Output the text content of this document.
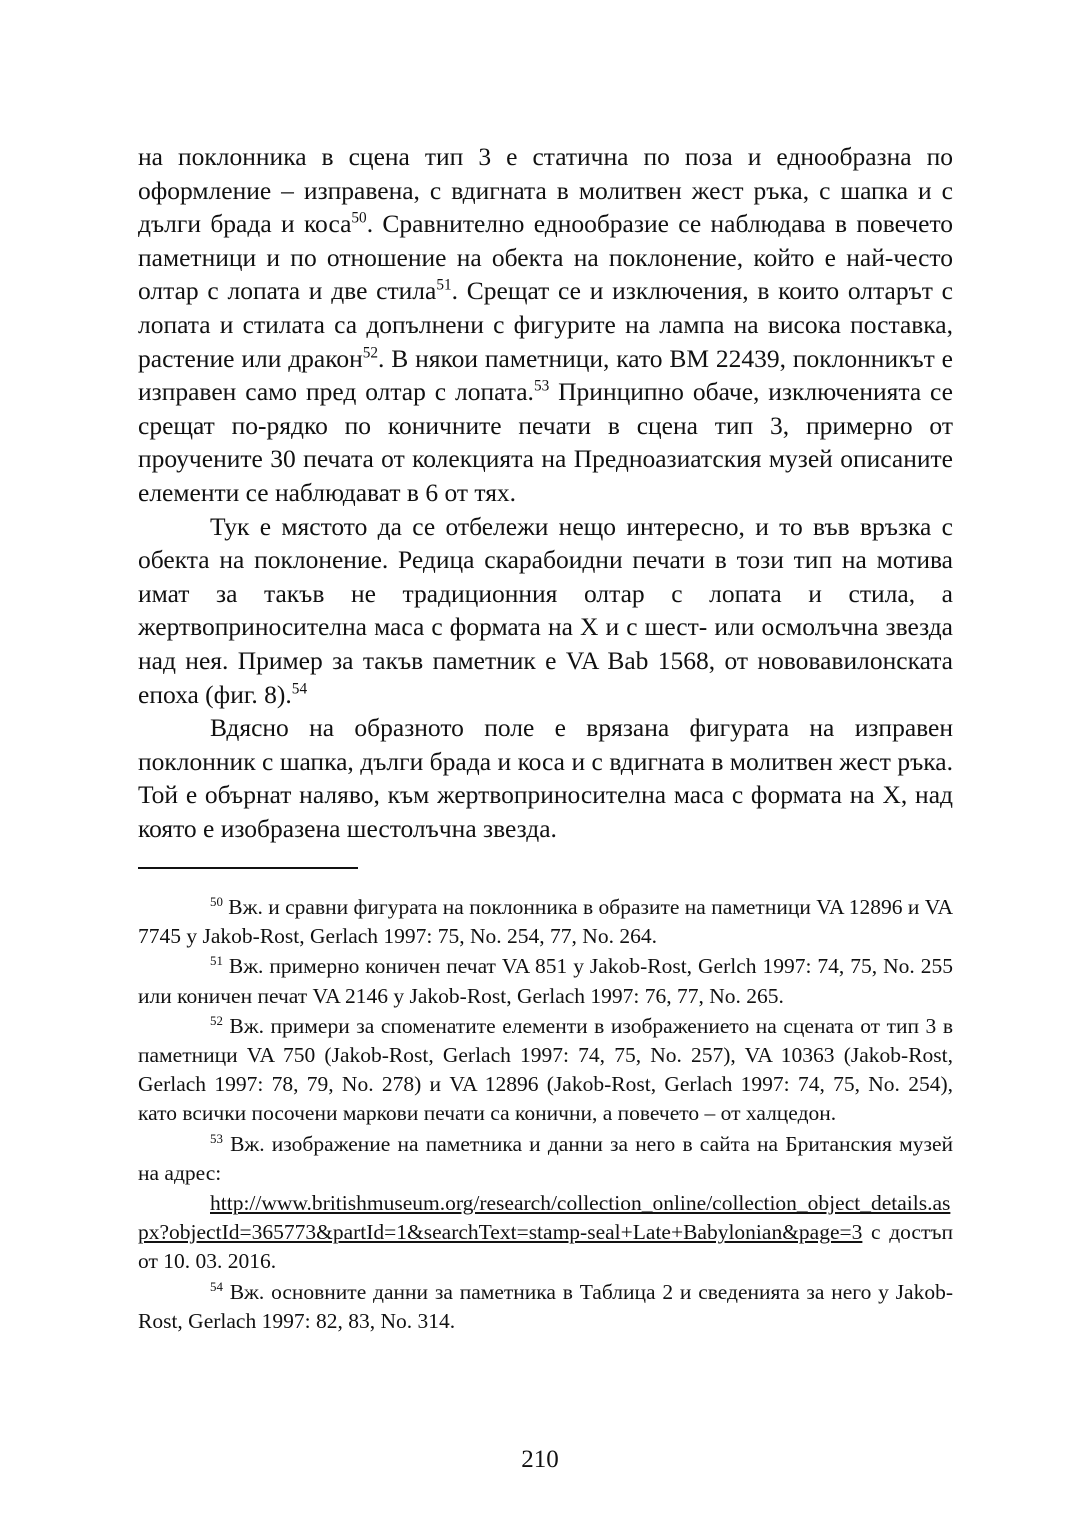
на поклонника в сцена тип 3 е статична по поза и еднообразна по оформление – изправена, с вдигната в молитвен жест ръка, с шапка и с дълги брада и коса$^{50}$. Сравнително еднообразие се наблюдава в повечето паметници и по отношение на обекта на поклонение, който е най-често олтар с лопата и две стила$^{51}$. Срещат се и изключения, в които олтарът с лопата и стилата са допълнени с фигурите на лампа на висока поставка, растение или дракон$^{52}$. В някои паметници, като BM 22439, поклонникът е изправен само пред олтар с лопата.$^{53}$ Принципно обаче, изключенията се срещат по-рядко по коничните печати в сцена тип 3, примерно от проучените 30 печата от колекцията на Предноазиатския музей описаните елементи се наблюдават в 6 от тях.

Тук е мястото да се отбележи нещо интересно, и то във връзка с обекта на поклонение. Редица скарабоидни печати в този тип на мотива имат за такъв не традиционния олтар с лопата и стила, а жертвоприносителна маса с формата на Х и с шест- или осмолъчна звезда над нея. Пример за такъв паметник е VA Bab 1568, от нововавилонската епоха (фиг. 8).$^{54}$

Вдясно на образното поле е врязана фигурата на изправен поклонник с шапка, дълги брада и коса и с вдигната в молитвен жест ръка. Той е обърнат наляво, към жертвоприносителна маса с формата на Х, над която е изобразена шестолъчна звезда.

$^{50}$ Вж. и сравни фигурата на поклонника в образите на паметници VA 12896 и VA 7745 у Jakob-Rost, Gerlach 1997: 75, No. 254, 77, No. 264.

$^{51}$ Вж. примерно коничен печат VA 851 у Jakob-Rost, Gerlch 1997: 74, 75, No. 255 или коничен печат VA 2146 у Jakob-Rost, Gerlach 1997: 76, 77, No. 265.

$^{52}$ Вж. примери за споменатите елементи в изображението на сцената от тип 3 в паметници VA 750 (Jakob-Rost, Gerlach 1997: 74, 75, No. 257), VA 10363 (Jakob-Rost, Gerlach 1997: 78, 79, No. 278) и VA 12896 (Jakob-Rost, Gerlach 1997: 74, 75, No. 254), като всички посочени маркови печати са конични, а повечето – от халцедон.

$^{53}$ Вж. изображение на паметника и данни за него в сайта на Британския музей на адрес:

http://www.britishmuseum.org/research/collection_online/collection_object_details.aspx?objectId=365773&partId=1&searchText=stamp-seal+Late+Babylonian&page=3 с достъп от 10. 03. 2016.

$^{54}$ Вж. основните данни за паметника в Таблица 2 и сведенията за него у Jakob-Rost, Gerlach 1997: 82, 83, No. 314.

210
